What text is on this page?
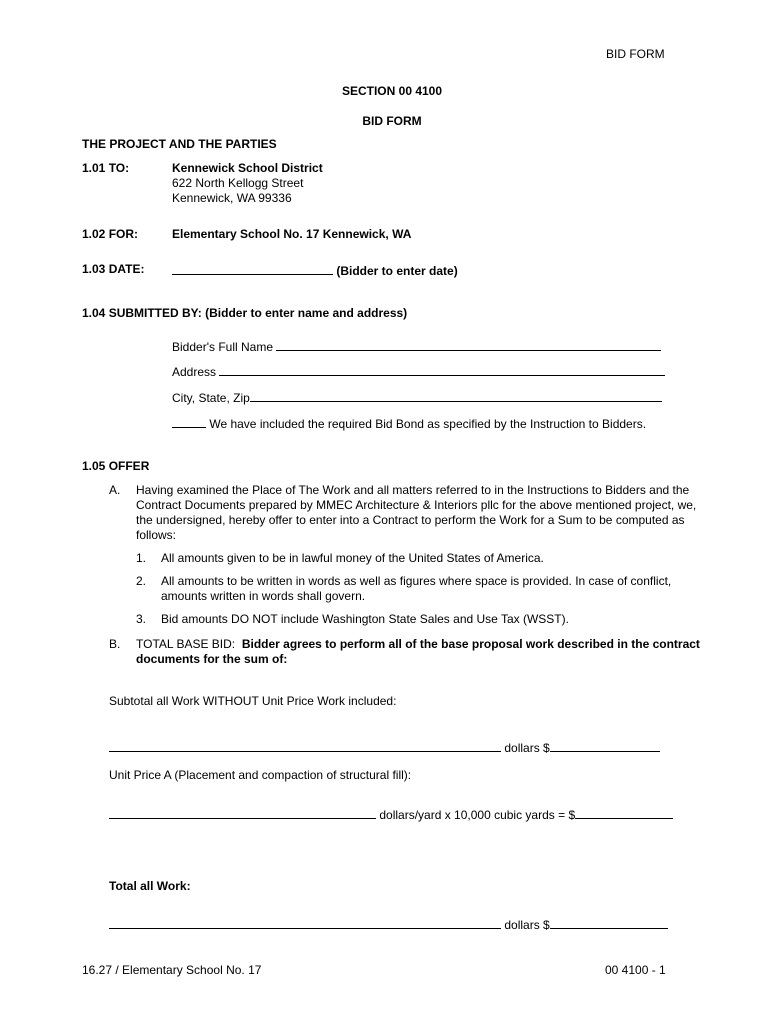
BID FORM
SECTION 00 4100
BID FORM
THE PROJECT AND THE PARTIES
1.01 TO:	Kennewick School District
622 North Kellogg Street
Kennewick, WA 99336
1.02 FOR:	Elementary School No. 17 Kennewick, WA
1.03 DATE:	(Bidder to enter date)
1.04 SUBMITTED BY: (Bidder to enter name and address)
Bidder's Full Name
Address
City, State, Zip
We have included the required Bid Bond as specified by the Instruction to Bidders.
1.05 OFFER
A. Having examined the Place of The Work and all matters referred to in the Instructions to Bidders and the Contract Documents prepared by MMEC Architecture & Interiors pllc for the above mentioned project, we, the undersigned, hereby offer to enter into a Contract to perform the Work for a Sum to be computed as follows:
1. All amounts given to be in lawful money of the United States of America.
2. All amounts to be written in words as well as figures where space is provided. In case of conflict, amounts written in words shall govern.
3. Bid amounts DO NOT include Washington State Sales and Use Tax (WSST).
B. TOTAL BASE BID: Bidder agrees to perform all of the base proposal work described in the contract documents for the sum of:
Subtotal all Work WITHOUT Unit Price Work included:
dollars $
Unit Price A (Placement and compaction of structural fill):
dollars/yard x 10,000 cubic yards = $
Total all Work:
dollars $
16.27 / Elementary School No. 17	00 4100 - 1
